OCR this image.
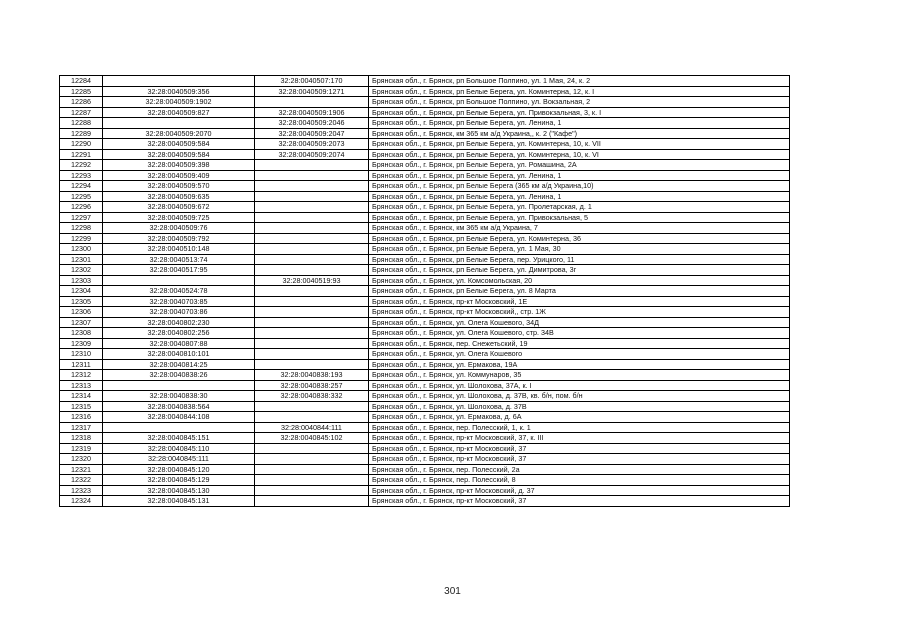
12284		32:28:0040507:170	Брянская обл., г. Брянск, рп Большое Полпино, ул. 1 Мая, 24, к. 2
12285	32:28:0040509:356	32:28:0040509:1271	Брянская обл., г. Брянск, рп Белые Берега, ул. Коминтерна, 12, к. I
12286	32:28:0040509:1902		Брянская обл., г. Брянск, рп Большое Полпино, ул. Вокзальная, 2
12287	32:28:0040509:827	32:28:0040509:1906	Брянская обл., г. Брянск, рп Белые Берега, ул. Привокзальная, 3, к. I
12288		32:28:0040509:2046	Брянская обл., г. Брянск, рп Белые Берега, ул. Ленина, 1
12289	32:28:0040509:2070	32:28:0040509:2047	Брянская обл., г. Брянск, км 365 км а/д Украина,, к. 2 ("Кафе")
12290	32:28:0040509:584	32:28:0040509:2073	Брянская обл., г. Брянск, рп Белые Берега, ул. Коминтерна, 10, к. VII
12291	32:28:0040509:584	32:28:0040509:2074	Брянская обл., г. Брянск, рп Белые Берега, ул. Коминтерна, 10, к. VI
12292	32:28:0040509:398		Брянская обл., г. Брянск, рп Белые Берега, ул. Ромашина, 2А
12293	32:28:0040509:409		Брянская обл., г. Брянск, рп Белые Берега, ул. Ленина, 1
12294	32:28:0040509:570		Брянская обл., г. Брянск, рп Белые Берега (365 км а/д Украина,10)
12295	32:28:0040509:635		Брянская обл., г. Брянск, рп Белые Берега, ул. Ленина, 1
12296	32:28:0040509:672		Брянская обл., г. Брянск, рп Белые Берега, ул. Пролетарская, д. 1
12297	32:28:0040509:725		Брянская обл., г. Брянск, рп Белые Берега, ул. Привокзальная, 5
12298	32:28:0040509:76		Брянская обл., г. Брянск, км 365 км а/д Украина, 7
12299	32:28:0040509:792		Брянская обл., г. Брянск, рп Белые Берега, ул. Коминтерна, 36
12300	32:28:0040510:148		Брянская обл., г. Брянск, рп Белые Берега, ул. 1 Мая, 30
12301	32:28:0040513:74		Брянская обл., г. Брянск, рп Белые Берега, пер. Урицкого, 11
12302	32:28:0040517:95		Брянская обл., г. Брянск, рп Белые Берега, ул. Димитрова, 3г
12303		32:28:0040519:93	Брянская обл., г. Брянск, ул. Комсомольская, 20
12304	32:28:0040524:78		Брянская обл., г. Брянск, рп Белые Берега, ул. 8 Марта
12305	32:28:0040703:85		Брянская обл., г. Брянск, пр-кт Московский, 1Е
12306	32:28:0040703:86		Брянская обл., г. Брянск, пр-кт Московский,, стр. 1Ж
12307	32:28:0040802:230		Брянская обл., г. Брянск, ул. Олега Кошевого, 34Д
12308	32:28:0040802:256		Брянская обл., г. Брянск, ул. Олега Кошевого, стр. 34В
12309	32:28:0040807:88		Брянская обл., г. Брянск, пер. Снежетьский, 19
12310	32:28:0040810:101		Брянская обл., г. Брянск, ул. Олега Кошевого
12311	32:28:0040814:25		Брянская обл., г. Брянск, ул. Ермакова, 19А
12312	32:28:0040838:26	32:28:0040838:193	Брянская обл., г. Брянск, ул. Коммунаров, 35
12313		32:28:0040838:257	Брянская обл., г. Брянск, ул. Шолохова, 37А, к. I
12314	32:28:0040838:30	32:28:0040838:332	Брянская обл., г. Брянск, ул. Шолохова, д. 37В, кв. б/н, пом. б/н
12315	32:28:0040838:564		Брянская обл., г. Брянск, ул. Шолохова, д. 37В
12316	32:28:0040844:108		Брянская обл., г. Брянск, ул. Ермакова, д. 6А
12317		32:28:0040844:111	Брянская обл., г. Брянск, пер. Полесский, 1, к. 1
12318	32:28:0040845:151	32:28:0040845:102	Брянская обл., г. Брянск, пр-кт Московский, 37, к. III
12319	32:28:0040845:110		Брянская обл., г. Брянск, пр-кт Московский, 37
12320	32:28:0040845:111		Брянская обл., г. Брянск, пр-кт Московский, 37
12321	32:28:0040845:120		Брянская обл., г. Брянск, пер. Полесский, 2а
12322	32:28:0040845:129		Брянская обл., г. Брянск, пер. Полесский, 8
12323	32:28:0040845:130		Брянская обл., г. Брянск, пр-кт Московский, д. 37
12324	32:28:0040845:131		Брянская обл., г. Брянск, пр-кт Московский, 37
301
